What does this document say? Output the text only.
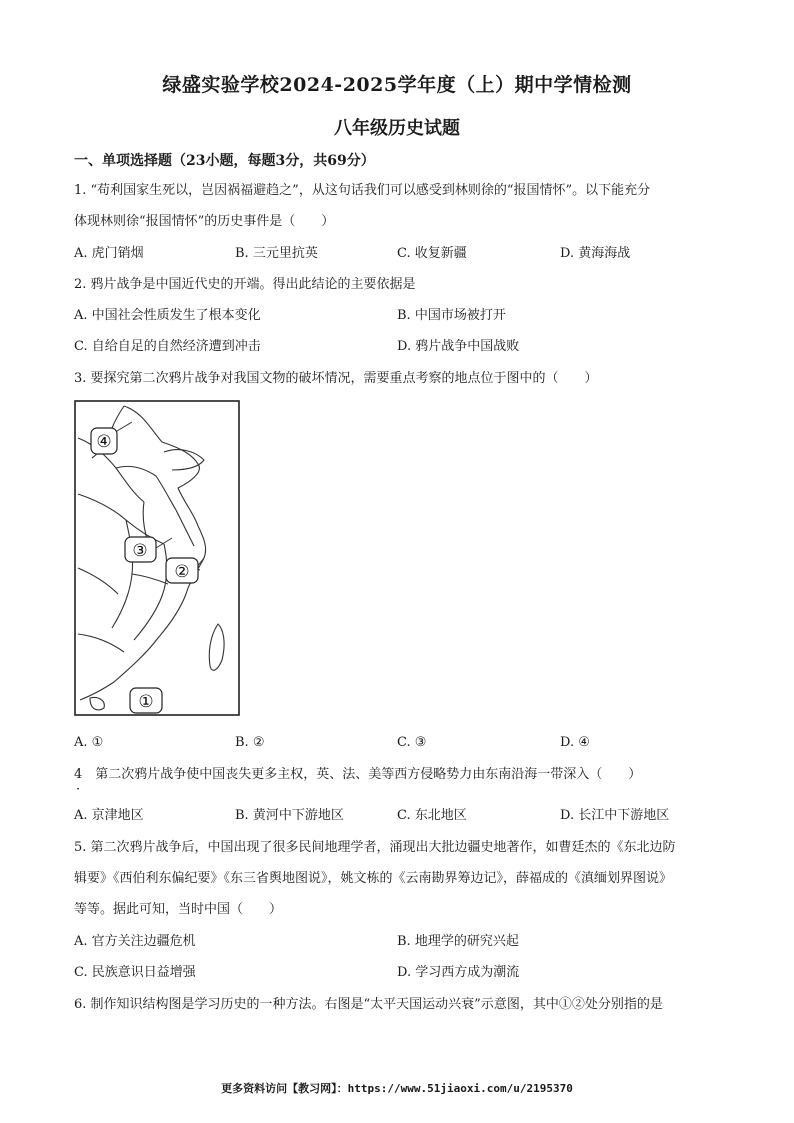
绿盛实验学校2024-2025学年度（上）期中学情检测
八年级历史试题
一、单项选择题（23小题，每题3分，共69分）
1. “苟利国家生死以，岂因祸福避趋之”，从这句话我们可以感受到林则徐的“报国情怀”。以下能充分
体现林则徐“报国情怀”的历史事件是（　　）
A. 虎门销烟	B. 三元里抗英	C. 收复新疆	D. 黄海海战
2. 鸦片战争是中国近代史的开端。得出此结论的主要依据是
A. 中国社会性质发生了根本变化	B. 中国市场被打开
C. 自给自足的自然经济遭到冲击	D. 鸦片战争中国战败
3. 要探究第二次鸦片战争对我国文物的破坏情况，需要重点考察的地点位于图中的（　　）
④
③
②
①
A. ①	B. ②	C. ③	D. ④
4　第二次鸦片战争使中国丧失更多主权，英、法、美等西方侵略势力由东南沿海一带深入（　　）
·
A. 京津地区	B. 黄河中下游地区	C. 东北地区	D. 长江中下游地区
5. 第二次鸦片战争后，中国出现了很多民间地理学者，涌现出大批边疆史地著作，如曹廷杰的《东北边防
辑要》《西伯利东偏纪要》《东三省舆地图说》，姚文栋的《云南勘界筹边记》，薛福成的《滇缅划界图说》
等等。据此可知，当时中国（　　）
A. 官方关注边疆危机	B. 地理学的研究兴起
C. 民族意识日益增强	D. 学习西方成为潮流
6. 制作知识结构图是学习历史的一种方法。右图是“太平天国运动兴衰”示意图，其中①②处分别指的是
更多资料访问【教习网】：https://www.51jiaoxi.com/u/2195370
